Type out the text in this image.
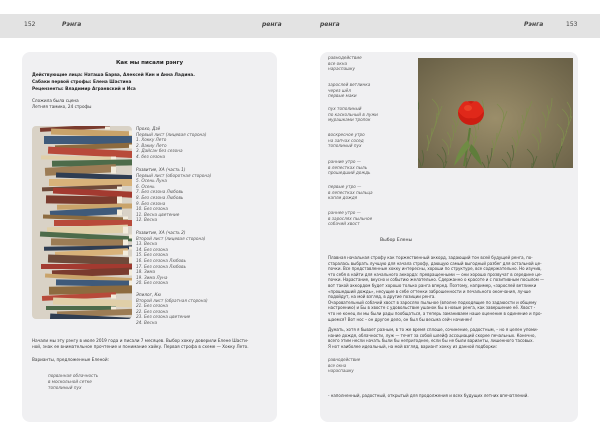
152	Рэнга	ренга	ренга	Рэнга	153
Как мы писали рэнгу
Действующие лица: Наташа Барва, Алексей Кин и Анна Ладина.
Сабаки первой строфы: Елена Шастина
Рецензенты: Владимир Агранвский и Иса
Сложила была сцена
Летняя тамико, 24 строфы
Прохо, Дзё
Первый лист (лицевая сторона)
1. Хокку Лето
2. Вакиу Лето
3. Дайсан без сезона
4. без сезона
Развитие, ХА (часть 1)
Первый лист (оборотная сторона)
5. Осень Луна
6. Осень
7. Без сезона Любовь
8. Без сезона Любовь
9. Без сезона
10. Без сезона
11. Весна цветение
12. Весна
Развитие, ХА (часть 2)
Второй лист (лицевая сторона)
13. Весна
14. Без сезона
15. Без сезона
16. Без сезона Любовь
17. Без сезона Любовь
18. Зима
19. Зима Луна
20. Без сезона
Эпилог, Кю
Второй лист (обратная сторона)
21. Без сезона
22. Без сезона
23. Без сезона цветение
24. Весна
Начали мы эту рэнгу в июле 2019 года и писали 7 месяцев. Выбор хокку доверили Елене Шасти-
ной, знак ее внимательное прочтение и понимание хайку. Первая строфа в схеме — Хокку Лето.
Варианты, предложенные Еленой:
порванная облачность
в москольной сетке
тополиный пух
равнодействие
все окна
нараспашку
зарослей ветлинка
через шёл
первые маки
пух тополиный
по каскольный в лужи
мурашками тропок
воскресное утро
на запчах сосед
тополиный пух
ранние утро —
в лепестках пыль
прошедший дождь
первые утро —
в лепестках пыльца
капли дождя
раннее утро —
в зарослях пыльное
собачий хвост
Выбор Елены
Плавная начальная строфу как торжественный аккорд, задающий тон всей будущей ренга, по-
старалась выбрать лучшую для начала строфу, дающую самый выгодный разбег для остальной це-
почки. Все представленные хокку интересны, хороши по структуре, все содержательно. Но изучив,
что себя в найти для начального аккорда: превращенными — они хорошо прозвучат в середине це-
почки. Нарастание, вкусно и событию желательно. Сдержанно о красоте и с позитивным посылом —
вот такой аккордом будет хорошо только ранга вперед. Поэтому, например, «зарослей ветлинки
«прошедший дождь», несущие в себе оттенки заброшенности и печального окончания, лучше
подойдут, на мой взгляд, в другие позиции ренга.
Очаровательный собачий хвост в зарослях пыльное (вполне подходящие по задаюости и общему
настроению) и Бы в хвосте с удовольствие ушанок бы в новые ренга, как завершение её. Хвост -
что не конец ли мы были рады пообщаться, а теперь заманиваем наше оценение в одинение и про-
щаемся? Вот нос – он другое дело, он был бы весьма сейч начинен!
Думать, хотя я бывает разным, в то же время сплоше, сочинение, радостным, – но я целен упоми-
нание дождя, облачности, луж — течет за собой шлейф ассоциаций скорее печальных. Конечно,
всего этим несли начать были бы непригоднее, если бы не были варианты, лишенного тасовых.
Я нот наиболее идеальный, на мой взгляд, вариант хокку из данной подборки:
равнодействие
все окна
нараспашку
- наполненный, радостный, открытый для продолжения и всех будущих летних впечатлений.
